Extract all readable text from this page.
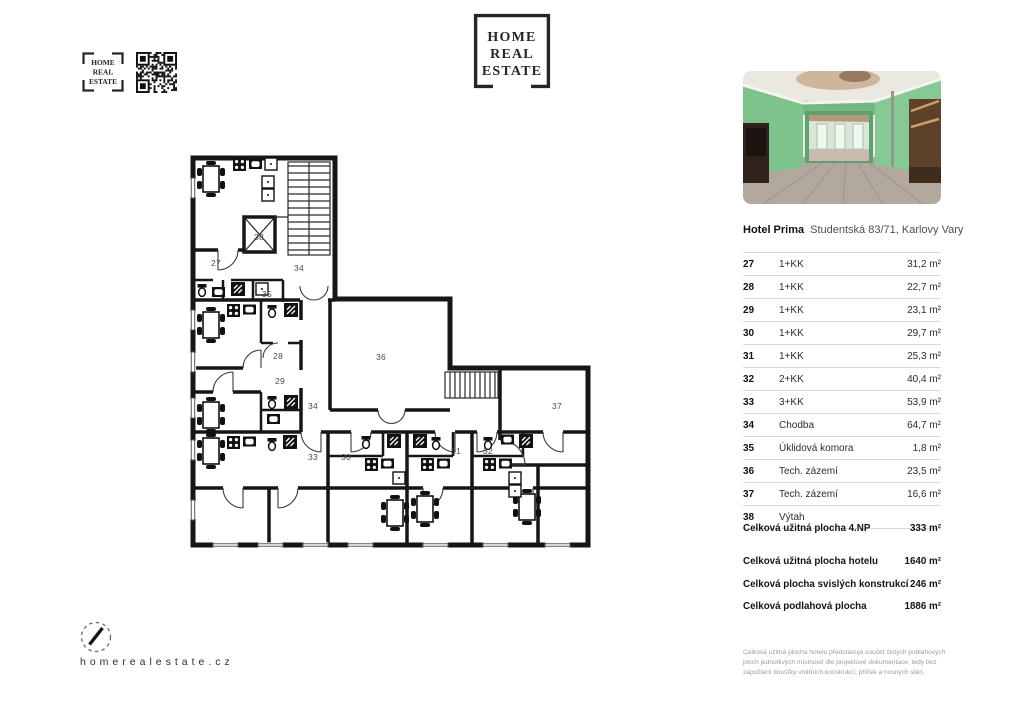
HOME
REAL
ESTATE
HOME
REAL
ESTATE
38
27	34
35
28
29
34
36
37
33	30
31	32
Hotel Prima Studentská 83/71, Karlovy Vary
27	1+KK	31,2 m²
28	1+KK	22,7 m²
29	1+KK	23,1 m²
30	1+KK	29,7 m²
31	1+KK	25,3 m²
32	2+KK	40,4 m²
33	3+KK	53,9 m²
34	Chodba	64,7 m²
35	Úklidová komora	1,8 m²
36	Tech. zázemí	23,5 m²
37	Tech. zázemí	16,6 m²
38	Výtah
Celková užitná plocha 4.NP	333 m²
Celková užitná plocha hotelu	1640 m²
Celková plocha svislých konstrukcí 246 m²
Celková podlahová plocha	1886 m²
Celková užitná plocha hotelu představuje součet čistých podlahových ploch jednotlivých místností dle projektové dokumentace, tedy bez započtení tloušťky vnitřních konstrukcí, příček a nosných stěn.
homerealestate.cz
